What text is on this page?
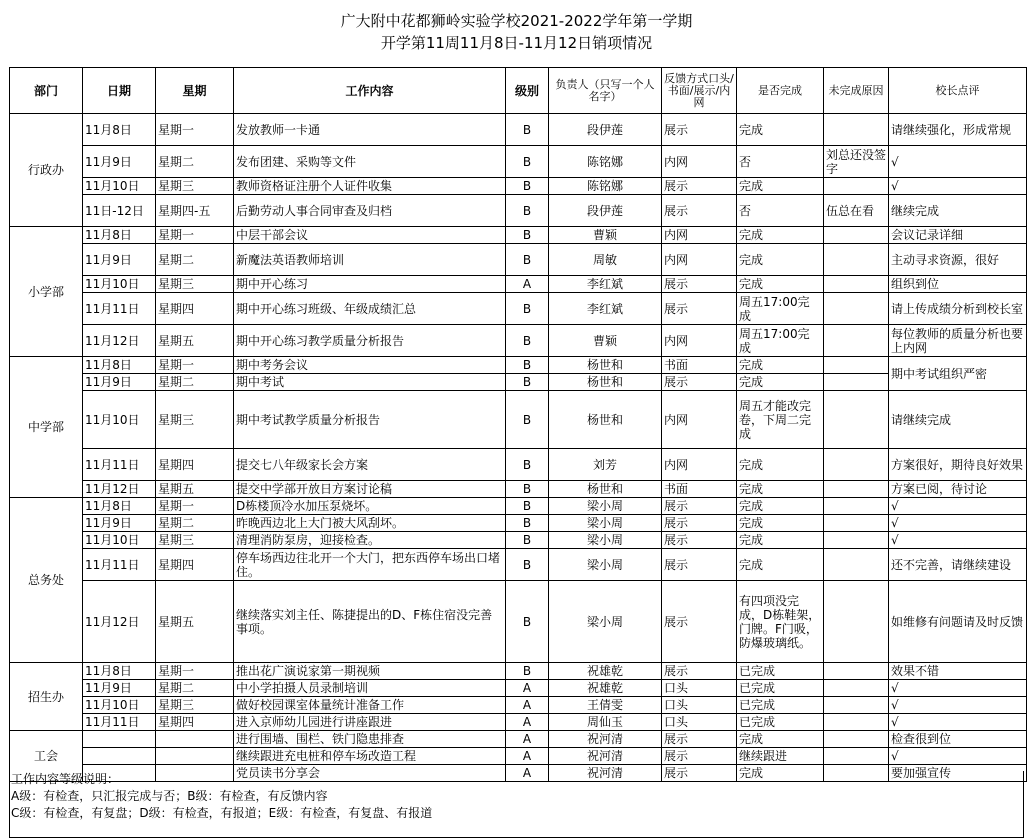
广大附中花都狮岭实验学校2021-2022学年第一学期
开学第11周11月8日-11月12日销项情况
部门	日期	星期	工作内容	级别	负责人（只写一个人名字）	反馈方式口头/书面/展示/内网	是否完成	未完成原因	校长点评
行政办	11月8日	星期一	发放教师一卡通	B	段伊莲	展示	完成		请继续强化，形成常规
	11月9日	星期二	发布团建、采购等文件	B	陈铭娜	内网	否	刘总还没签字	√
	11月10日	星期三	教师资格证注册个人证件收集	B	陈铭娜	展示	完成		√
	11日-12日	星期四-五	后勤劳动人事合同审查及归档	B	段伊莲	展示	否	伍总在看	继续完成
小学部	11月8日	星期一	中层干部会议	B	曹颖	内网	完成		会议记录详细
	11月9日	星期二	新魔法英语教师培训	B	周敏	内网	完成		主动寻求资源，很好
	11月10日	星期三	期中开心练习	A	李红斌	展示	完成		组织到位
	11月11日	星期四	期中开心练习班级、年级成绩汇总	B	李红斌	展示	周五17:00完成		请上传成绩分析到校长室
	11月12日	星期五	期中开心练习教学质量分析报告	B	曹颖	内网	周五17:00完成		每位教师的质量分析也要上内网
中学部	11月8日	星期一	期中考务会议	B	杨世和	书面	完成		期中考试组织严密
	11月9日	星期二	期中考试	B	杨世和	展示	完成		
	11月10日	星期三	期中考试教学质量分析报告	B	杨世和	内网	周五才能改完卷，下周二完成		请继续完成
	11月11日	星期四	提交七八年级家长会方案	B	刘芳	内网	完成		方案很好，期待良好效果
	11月12日	星期五	提交中学部开放日方案讨论稿	B	杨世和	书面	完成		方案已阅，待讨论
总务处	11月8日	星期一	D栋楼顶冷水加压泵烧坏。	B	梁小周	展示	完成		√
	11月9日	星期二	昨晚西边北上大门被大风刮坏。	B	梁小周	展示	完成		√
	11月10日	星期三	清理消防泵房，迎接检查。	B	梁小周	展示	完成		√
	11月11日	星期四	停车场西边往北开一个大门，把东西停车场出口堵住。	B	梁小周	展示	完成		还不完善，请继续建设
	11月12日	星期五	继续落实刘主任、陈捷提出的D、F栋住宿没完善事项。	B	梁小周	展示	有四项没完成，D栋鞋架，门牌。F门吸，防爆玻璃纸。		如维修有问题请及时反馈
招生办	11月8日	星期一	推出花广演说家第一期视频	B	祝雄乾	展示	已完成		效果不错
	11月9日	星期二	中小学拍摄人员录制培训	A	祝雄乾	口头	已完成		√
	11月10日	星期三	做好校园课室体量统计准备工作	A	王倩雯	口头	已完成		√
	11月11日	星期四	进入京师幼儿园进行讲座跟进	A	周仙玉	口头	已完成		√
工会			进行围墙、围栏、铁门隐患排查	A	祝河清	展示	完成		检查很到位
			继续跟进充电桩和停车场改造工程	A	祝河清	展示	继续跟进		√
			党员读书分享会	A	祝河清	展示	完成		要加强宣传
工作内容等级说明：
A级：有检查，只汇报完成与否；B级：有检查，有反馈内容
C级：有检查，有复盘；D级：有检查，有报道；E级：有检查，有复盘、有报道
